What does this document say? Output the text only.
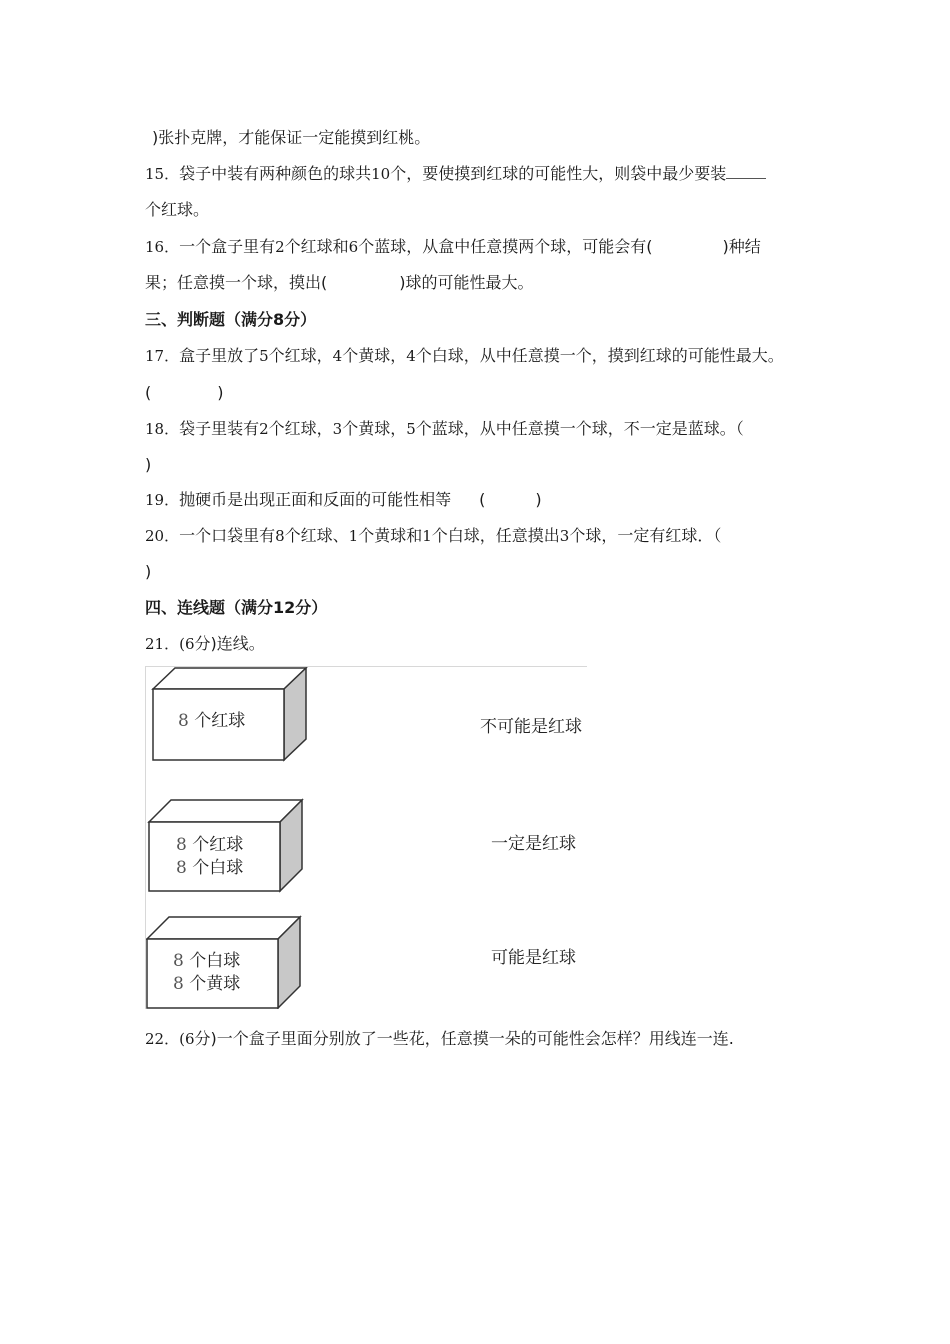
)张扑克牌，才能保证一定能摸到红桃。
15．袋子中装有两种颜色的球共10个，要使摸到红球的可能性大，则袋中最少要装
个红球。
16．一个盒子里有2个红球和6个蓝球，从盒中任意摸两个球，可能会有(	)种结
果；任意摸一个球，摸出(	)球的可能性最大。
三、判断题（满分8分）
17．盒子里放了5个红球，4个黄球，4个白球，从中任意摸一个，摸到红球的可能性最大。
(	)
18．袋子里装有2个红球，3个黄球，5个蓝球，从中任意摸一个球，不一定是蓝球。（
)
19．抛硬币是出现正面和反面的可能性相等 (	)
20．一个口袋里有8个红球、1个黄球和1个白球，任意摸出3个球，一定有红球．（
)
四、连线题（满分12分）
21．(6分)连线。
8 个红球
8 个红球
8 个白球
8 个白球
8 个黄球
不可能是红球
一定是红球
可能是红球
22．(6分)一个盒子里面分别放了一些花，任意摸一朵的可能性会怎样？用线连一连.
